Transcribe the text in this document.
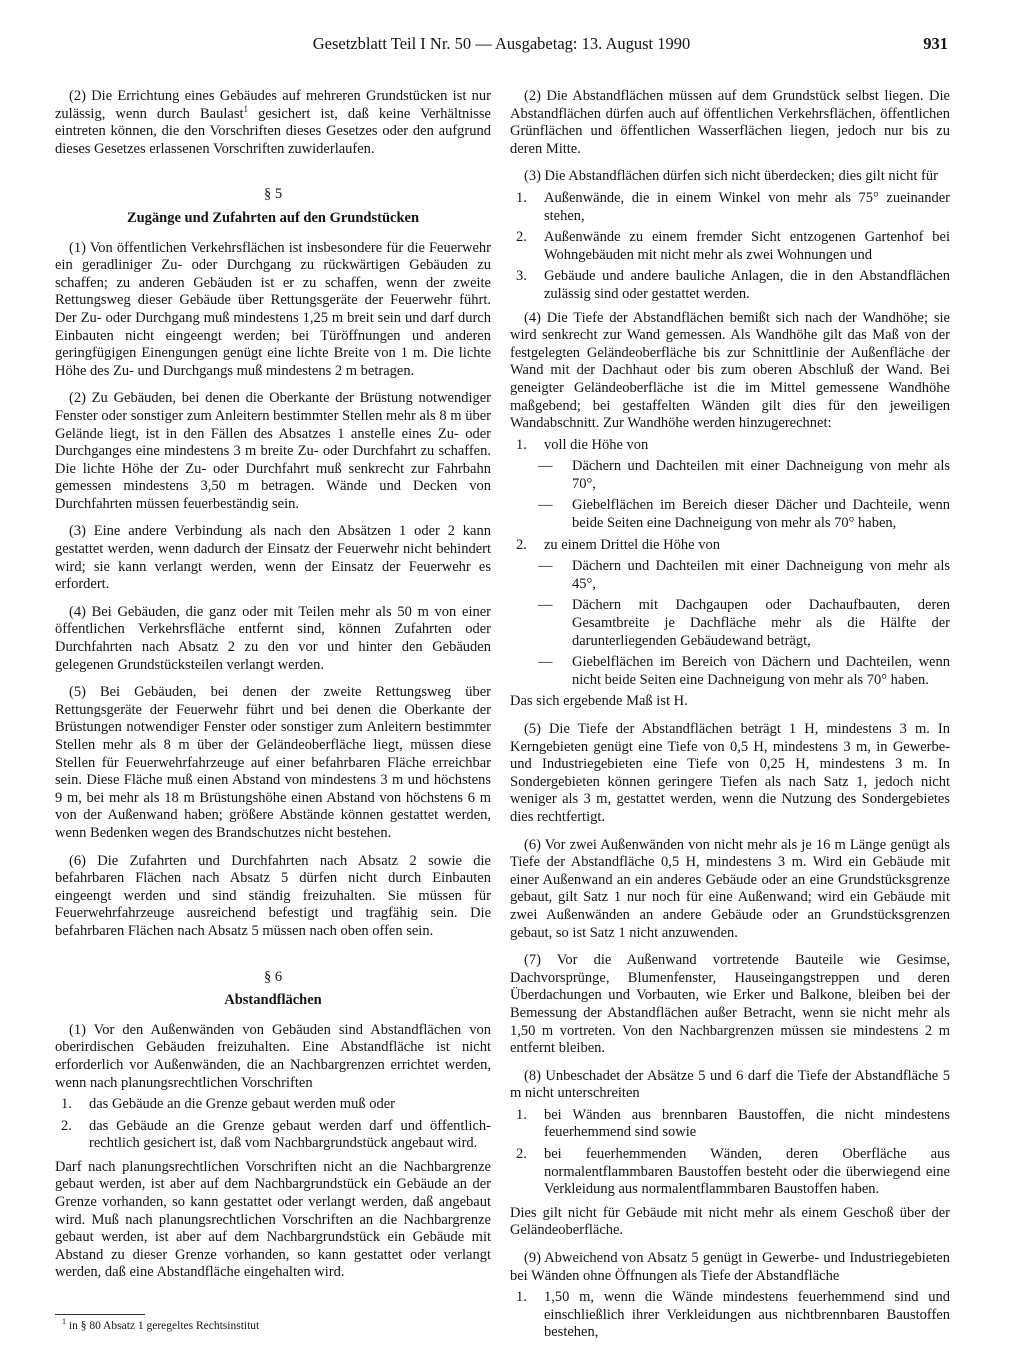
Gesetzblatt Teil I Nr. 50 — Ausgabetag: 13. August 1990	931

(2) Die Errichtung eines Gebäudes auf mehreren Grundstücken ist nur zulässig, wenn durch Baulast$^1$ gesichert ist, daß keine Verhältnisse eintreten können, die den Vorschriften dieses Gesetzes oder den aufgrund dieses Gesetzes erlassenen Vorschriften zuwiderlaufen.

§ 5
Zugänge und Zufahrten auf den Grundstücken

(1) Von öffentlichen Verkehrsflächen ist insbesondere für die Feuerwehr ein geradliniger Zu- oder Durchgang zu rückwärtigen Gebäuden zu schaffen; zu anderen Gebäuden ist er zu schaffen, wenn der zweite Rettungsweg dieser Gebäude über Rettungsgeräte der Feuerwehr führt. Der Zu- oder Durchgang muß mindestens 1,25 m breit sein und darf durch Einbauten nicht eingeengt werden; bei Türöffnungen und anderen geringfügigen Einengungen genügt eine lichte Breite von 1 m. Die lichte Höhe des Zu- und Durchgangs muß mindestens 2 m betragen.

(2) Zu Gebäuden, bei denen die Oberkante der Brüstung notwendiger Fenster oder sonstiger zum Anleitern bestimmter Stellen mehr als 8 m über Gelände liegt, ist in den Fällen des Absatzes 1 anstelle eines Zu- oder Durchganges eine mindestens 3 m breite Zu- oder Durchfahrt zu schaffen. Die lichte Höhe der Zu- oder Durchfahrt muß senkrecht zur Fahrbahn gemessen mindestens 3,50 m betragen. Wände und Decken von Durchfahrten müssen feuerbeständig sein.

(3) Eine andere Verbindung als nach den Absätzen 1 oder 2 kann gestattet werden, wenn dadurch der Einsatz der Feuerwehr nicht behindert wird; sie kann verlangt werden, wenn der Einsatz der Feuerwehr es erfordert.

(4) Bei Gebäuden, die ganz oder mit Teilen mehr als 50 m von einer öffentlichen Verkehrsfläche entfernt sind, können Zufahrten oder Durchfahrten nach Absatz 2 zu den vor und hinter den Gebäuden gelegenen Grundstücksteilen verlangt werden.

(5) Bei Gebäuden, bei denen der zweite Rettungsweg über Rettungsgeräte der Feuerwehr führt und bei denen die Oberkante der Brüstungen notwendiger Fenster oder sonstiger zum Anleitern bestimmter Stellen mehr als 8 m über der Geländeoberfläche liegt, müssen diese Stellen für Feuerwehrfahrzeuge auf einer befahrbaren Fläche erreichbar sein. Diese Fläche muß einen Abstand von mindestens 3 m und höchstens 9 m, bei mehr als 18 m Brüstungshöhe einen Abstand von höchstens 6 m von der Außenwand haben; größere Abstände können gestattet werden, wenn Bedenken wegen des Brandschutzes nicht bestehen.

(6) Die Zufahrten und Durchfahrten nach Absatz 2 sowie die befahrbaren Flächen nach Absatz 5 dürfen nicht durch Einbauten eingeengt werden und sind ständig freizuhalten. Sie müssen für Feuerwehrfahrzeuge ausreichend befestigt und tragfähig sein. Die befahrbaren Flächen nach Absatz 5 müssen nach oben offen sein.

§ 6
Abstandflächen

(1) Vor den Außenwänden von Gebäuden sind Abstandflächen von oberirdischen Gebäuden freizuhalten. Eine Abstandfläche ist nicht erforderlich vor Außenwänden, die an Nachbargrenzen errichtet werden, wenn nach planungsrechtlichen Vorschriften

1.	das Gebäude an die Grenze gebaut werden muß oder
2.	das Gebäude an die Grenze gebaut werden darf und öffentlich-rechtlich gesichert ist, daß vom Nachbargrundstück angebaut wird.

Darf nach planungsrechtlichen Vorschriften nicht an die Nachbargrenze gebaut werden, ist aber auf dem Nachbargrundstück ein Gebäude an der Grenze vorhanden, so kann gestattet oder verlangt werden, daß angebaut wird. Muß nach planungsrechtlichen Vorschriften an die Nachbargrenze gebaut werden, ist aber auf dem Nachbargrundstück ein Gebäude mit Abstand zu dieser Grenze vorhanden, so kann gestattet oder verlangt werden, daß eine Abstandfläche eingehalten wird.

$^1$ in § 80 Absatz 1 geregeltes Rechtsinstitut

(2) Die Abstandflächen müssen auf dem Grundstück selbst liegen. Die Abstandflächen dürfen auch auf öffentlichen Verkehrsflächen, öffentlichen Grünflächen und öffentlichen Wasserflächen liegen, jedoch nur bis zu deren Mitte.

(3) Die Abstandflächen dürfen sich nicht überdecken; dies gilt nicht für

1.	Außenwände, die in einem Winkel von mehr als 75° zueinander stehen,
2.	Außenwände zu einem fremder Sicht entzogenen Gartenhof bei Wohngebäuden mit nicht mehr als zwei Wohnungen und
3.	Gebäude und andere bauliche Anlagen, die in den Abstandflächen zulässig sind oder gestattet werden.

(4) Die Tiefe der Abstandflächen bemißt sich nach der Wandhöhe; sie wird senkrecht zur Wand gemessen. Als Wandhöhe gilt das Maß von der festgelegten Geländeoberfläche bis zur Schnittlinie der Außenfläche der Wand mit der Dachhaut oder bis zum oberen Abschluß der Wand. Bei geneigter Geländeoberfläche ist die im Mittel gemessene Wandhöhe maßgebend; bei gestaffelten Wänden gilt dies für den jeweiligen Wandabschnitt. Zur Wandhöhe werden hinzugerechnet:

1.	voll die Höhe von
—	Dächern und Dachteilen mit einer Dachneigung von mehr als 70°,
—	Giebelflächen im Bereich dieser Dächer und Dachteile, wenn beide Seiten eine Dachneigung von mehr als 70° haben,
2.	zu einem Drittel die Höhe von
—	Dächern und Dachteilen mit einer Dachneigung von mehr als 45°,
—	Dächern mit Dachgaupen oder Dachaufbauten, deren Gesamtbreite je Dachfläche mehr als die Hälfte der darunterliegenden Gebäudewand beträgt,
—	Giebelflächen im Bereich von Dächern und Dachteilen, wenn nicht beide Seiten eine Dachneigung von mehr als 70° haben.

Das sich ergebende Maß ist H.

(5) Die Tiefe der Abstandflächen beträgt 1 H, mindestens 3 m. In Kerngebieten genügt eine Tiefe von 0,5 H, mindestens 3 m, in Gewerbe- und Industriegebieten eine Tiefe von 0,25 H, mindestens 3 m. In Sondergebieten können geringere Tiefen als nach Satz 1, jedoch nicht weniger als 3 m, gestattet werden, wenn die Nutzung des Sondergebietes dies rechtfertigt.

(6) Vor zwei Außenwänden von nicht mehr als je 16 m Länge genügt als Tiefe der Abstandfläche 0,5 H, mindestens 3 m. Wird ein Gebäude mit einer Außenwand an ein anderes Gebäude oder an eine Grundstücksgrenze gebaut, gilt Satz 1 nur noch für eine Außenwand; wird ein Gebäude mit zwei Außenwänden an andere Gebäude oder an Grundstücksgrenzen gebaut, so ist Satz 1 nicht anzuwenden.

(7) Vor die Außenwand vortretende Bauteile wie Gesimse, Dachvorsprünge, Blumenfenster, Hauseingangstreppen und deren Überdachungen und Vorbauten, wie Erker und Balkone, bleiben bei der Bemessung der Abstandflächen außer Betracht, wenn sie nicht mehr als 1,50 m vortreten. Von den Nachbargrenzen müssen sie mindestens 2 m entfernt bleiben.

(8) Unbeschadet der Absätze 5 und 6 darf die Tiefe der Abstandfläche 5 m nicht unterschreiten

1.	bei Wänden aus brennbaren Baustoffen, die nicht mindestens feuerhemmend sind sowie
2.	bei feuerhemmenden Wänden, deren Oberfläche aus normalentflammbaren Baustoffen besteht oder die überwiegend eine Verkleidung aus normalentflammbaren Baustoffen haben.

Dies gilt nicht für Gebäude mit nicht mehr als einem Geschoß über der Geländeoberfläche.

(9) Abweichend von Absatz 5 genügt in Gewerbe- und Industriegebieten bei Wänden ohne Öffnungen als Tiefe der Abstandfläche

1.	1,50 m, wenn die Wände mindestens feuerhemmend sind und einschließlich ihrer Verkleidungen aus nichtbrennbaren Baustoffen bestehen,
